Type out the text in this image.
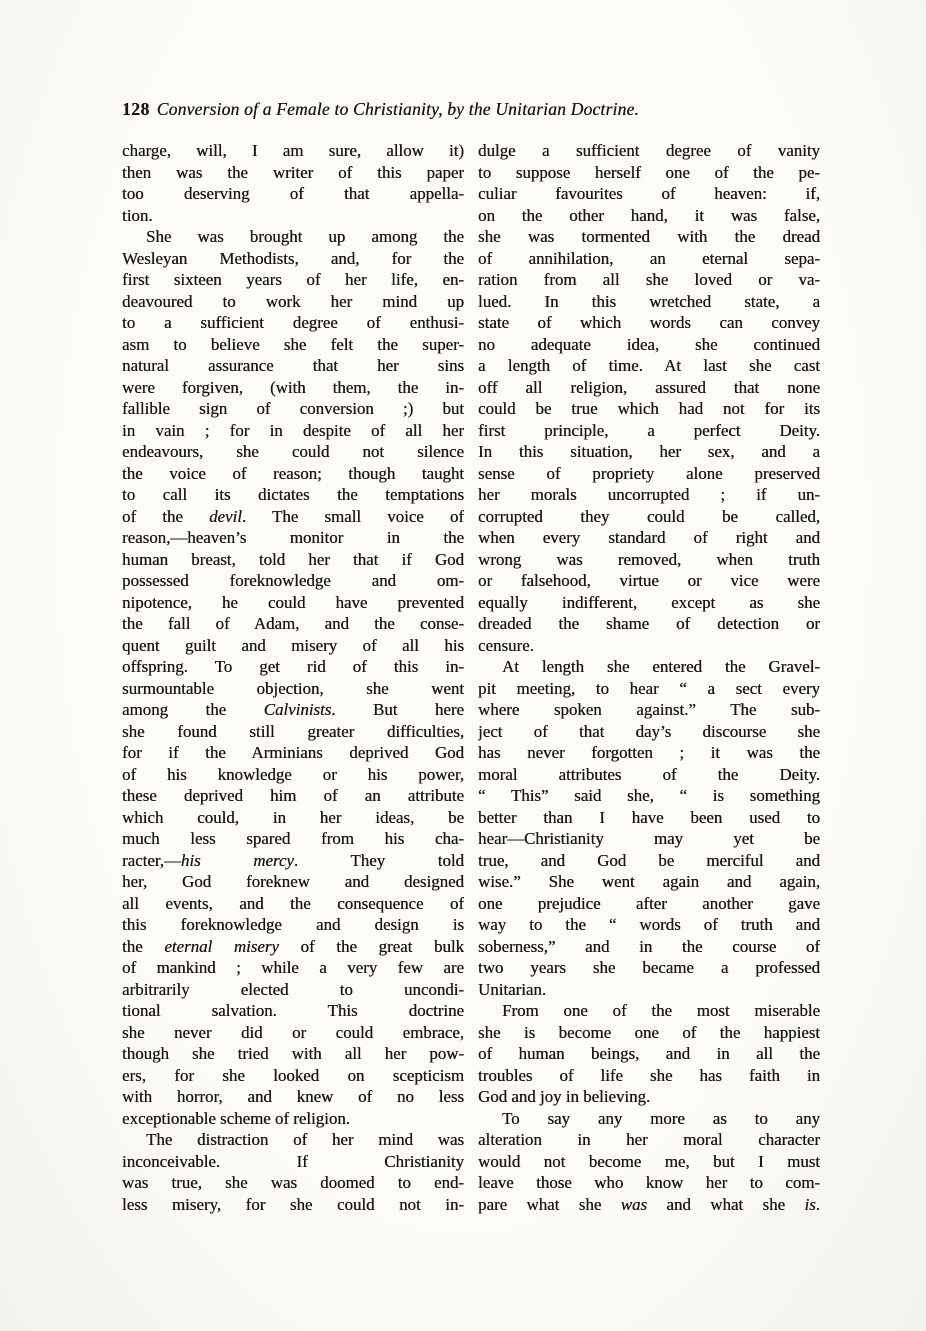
128 Conversion of a Female to Christianity, by the Unitarian Doctrine.
charge, will, I am sure, allow it)
then was the writer of this paper
too deserving of that appella-
tion.
She was brought up among the
Wesleyan Methodists, and, for the
first sixteen years of her life, en-
deavoured to work her mind up
to a sufficient degree of enthusi-
asm to believe she felt the super-
natural assurance that her sins
were forgiven, (with them, the in-
fallible sign of conversion ;) but
in vain ; for in despite of all her
endeavours, she could not silence
the voice of reason; though taught
to call its dictates the temptations
of the devil. The small voice of
reason,—heaven’s monitor in the
human breast, told her that if God
possessed foreknowledge and om-
nipotence, he could have prevented
the fall of Adam, and the conse-
quent guilt and misery of all his
offspring. To get rid of this in-
surmountable objection, she went
among the Calvinists. But here
she found still greater difficulties,
for if the Arminians deprived God
of his knowledge or his power,
these deprived him of an attribute
which could, in her ideas, be
much less spared from his cha-
racter,—his mercy. They told
her, God foreknew and designed
all events, and the consequence of
this foreknowledge and design is
the eternal misery of the great bulk
of mankind ; while a very few are
arbitrarily elected to uncondi-
tional salvation. This doctrine
she never did or could embrace,
though she tried with all her pow-
ers, for she looked on scepticism
with horror, and knew of no less
exceptionable scheme of religion.
The distraction of her mind was
inconceivable. If Christianity
was true, she was doomed to end-
less misery, for she could not in-
dulge a sufficient degree of vanity
to suppose herself one of the pe-
culiar favourites of heaven: if,
on the other hand, it was false,
she was tormented with the dread
of annihilation, an eternal sepa-
ration from all she loved or va-
lued. In this wretched state, a
state of which words can convey
no adequate idea, she continued
a length of time. At last she cast
off all religion, assured that none
could be true which had not for its
first principle, a perfect Deity.
In this situation, her sex, and a
sense of propriety alone preserved
her morals uncorrupted ; if un-
corrupted they could be called,
when every standard of right and
wrong was removed, when truth
or falsehood, virtue or vice were
equally indifferent, except as she
dreaded the shame of detection or
censure.
At length she entered the Gravel-
pit meeting, to hear “ a sect every
where spoken against.” The sub-
ject of that day’s discourse she
has never forgotten ; it was the
moral attributes of the Deity.
“ This” said she, “ is something
better than I have been used to
hear—Christianity may yet be
true, and God be merciful and
wise.” She went again and again,
one prejudice after another gave
way to the “ words of truth and
soberness,” and in the course of
two years she became a professed
Unitarian.
From one of the most miserable
she is become one of the happiest
of human beings, and in all the
troubles of life she has faith in
God and joy in believing.
To say any more as to any
alteration in her moral character
would not become me, but I must
leave those who know her to com-
pare what she was and what she is.
